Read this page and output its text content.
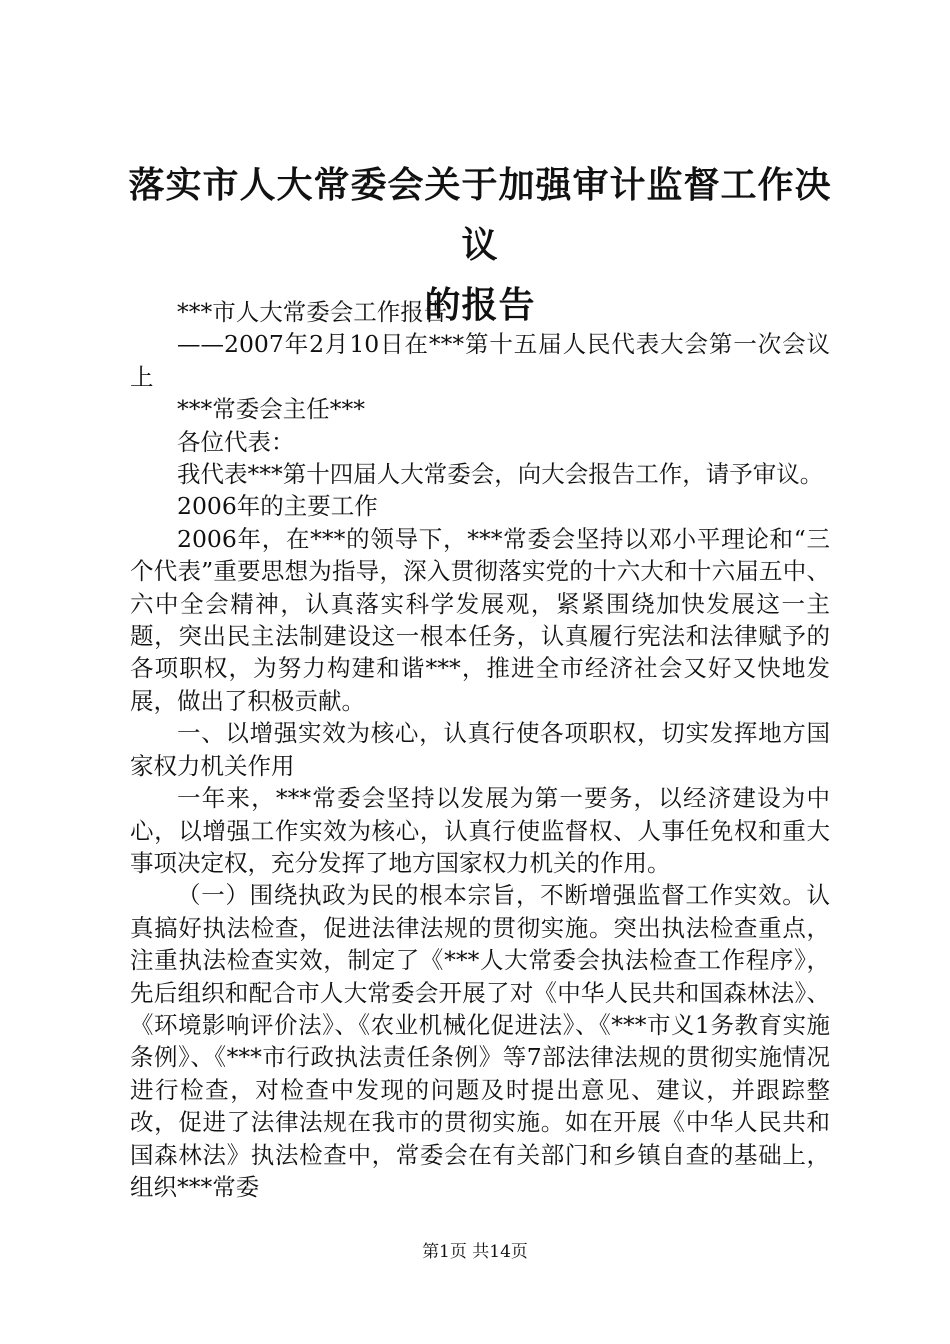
落实市人大常委会关于加强审计监督工作决议
的报告

***市人大常委会工作报告

——2007年2月10日在***第十五届人民代表大会第一次会议上

***常委会主任***

各位代表：

我代表***第十四届人大常委会，向大会报告工作，请予审议。

2006年的主要工作

2006年，在***的领导下，***常委会坚持以邓小平理论和“三个代表”重要思想为指导，深入贯彻落实党的十六大和十六届五中、六中全会精神，认真落实科学发展观，紧紧围绕加快发展这一主题，突出民主法制建设这一根本任务，认真履行宪法和法律赋予的各项职权，为努力构建和谐***，推进全市经济社会又好又快地发展，做出了积极贡献。

一、以增强实效为核心，认真行使各项职权，切实发挥地方国家权力机关作用

一年来，***常委会坚持以发展为第一要务，以经济建设为中心，以增强工作实效为核心，认真行使监督权、人事任免权和重大事项决定权，充分发挥了地方国家权力机关的作用。

（一）围绕执政为民的根本宗旨，不断增强监督工作实效。认真搞好执法检查，促进法律法规的贯彻实施。突出执法检查重点，注重执法检查实效，制定了《***人大常委会执法检查工作程序》，先后组织和配合市人大常委会开展了对《中华人民共和国森林法》、《环境影响评价法》、《农业机械化促进法》、《***市义1务教育实施条例》、《***市行政执法责任条例》等7部法律法规的贯彻实施情况进行检查，对检查中发现的问题及时提出意见、建议，并跟踪整改，促进了法律法规在我市的贯彻实施。如在开展《中华人民共和国森林法》执法检查中，常委会在有关部门和乡镇自查的基础上，组织***常委

第1页 共14页
